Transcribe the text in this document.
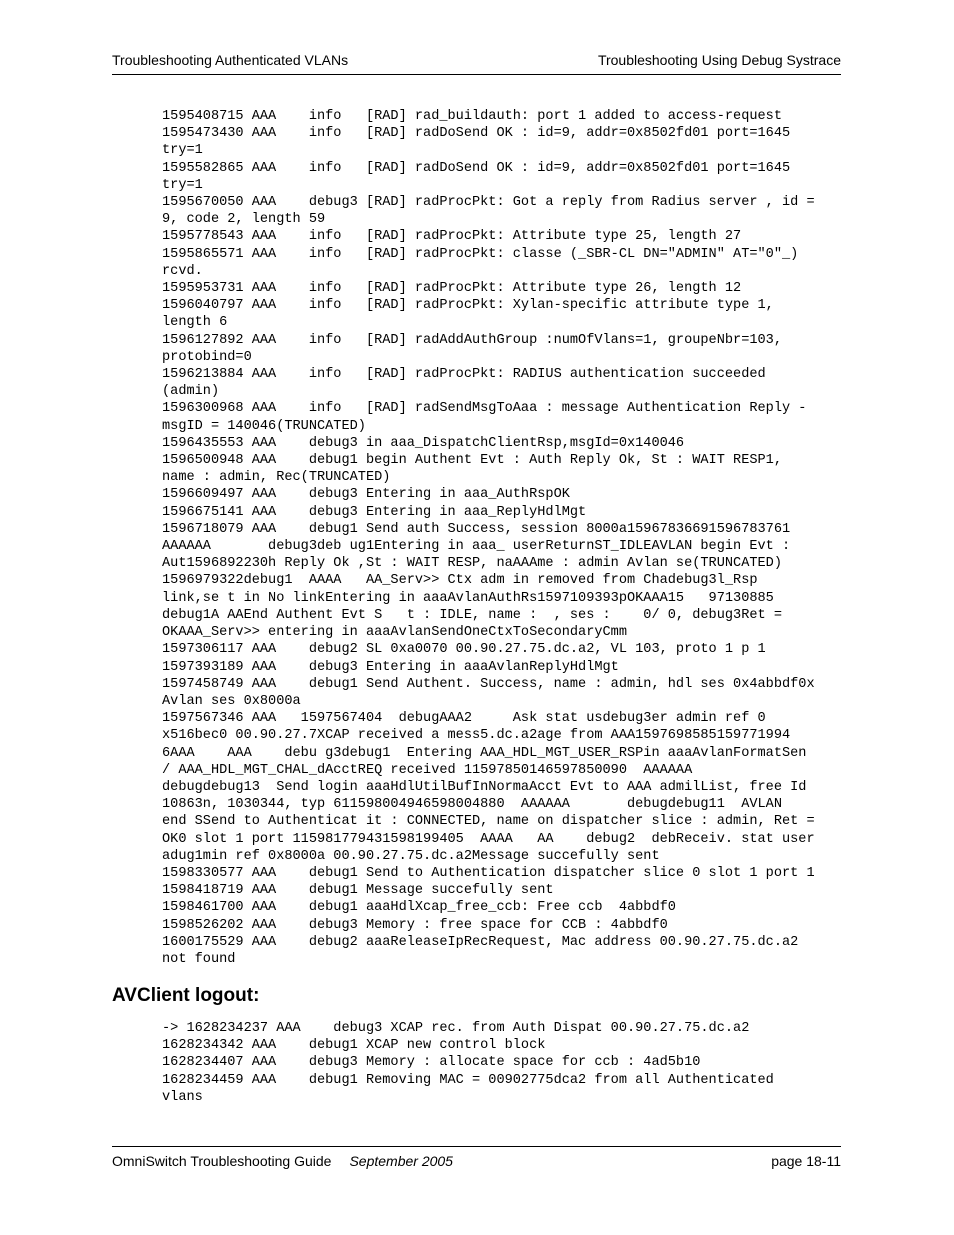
Troubleshooting Authenticated VLANs	Troubleshooting Using Debug Systrace
1595408715 AAA    info   [RAD] rad_buildauth: port 1 added to access-request
1595473430 AAA    info   [RAD] radDoSend OK : id=9, addr=0x8502fd01 port=1645
try=1
1595582865 AAA    info   [RAD] radDoSend OK : id=9, addr=0x8502fd01 port=1645
try=1
1595670050 AAA    debug3 [RAD] radProcPkt: Got a reply from Radius server , id =
9, code 2, length 59
1595778543 AAA    info   [RAD] radProcPkt: Attribute type 25, length 27
1595865571 AAA    info   [RAD] radProcPkt: classe (_SBR-CL DN="ADMIN" AT="0"_)
rcvd.
1595953731 AAA    info   [RAD] radProcPkt: Attribute type 26, length 12
1596040797 AAA    info   [RAD] radProcPkt: Xylan-specific attribute type 1,
length 6
1596127892 AAA    info   [RAD] radAddAuthGroup :numOfVlans=1, groupeNbr=103,
protobind=0
1596213884 AAA    info   [RAD] radProcPkt: RADIUS authentication succeeded
(admin)
1596300968 AAA    info   [RAD] radSendMsgToAaa : message Authentication Reply -
msgID = 140046(TRUNCATED)
1596435553 AAA    debug3 in aaa_DispatchClientRsp,msgId=0x140046
1596500948 AAA    debug1 begin Authent Evt : Auth Reply Ok, St : WAIT RESP1,
name : admin, Rec(TRUNCATED)
1596609497 AAA    debug3 Entering in aaa_AuthRspOK
1596675141 AAA    debug3 Entering in aaa_ReplyHdlMgt
1596718079 AAA    debug1 Send auth Success, session 8000a15967836691596783761
AAAAAA       debug3deb ug1Entering in aaa_ userReturnST_IDLEAVLAN begin Evt :
Aut1596892230h Reply Ok ,St : WAIT RESP, naAAAme : admin Avlan se(TRUNCATED)
1596979322debug1  AAAA   AA_Serv>> Ctx adm in removed from Chadebug3l_Rsp
link,se t in No linkEntering in aaaAvlanAuthRs1597109393pOKAAA15   97130885
debug1A AAEnd Authent Evt S   t : IDLE, name :  , ses :    0/ 0, debug3Ret =
OKAAA_Serv>> entering in aaaAvlanSendOneCtxToSecondaryCmm
1597306117 AAA    debug2 SL 0xa0070 00.90.27.75.dc.a2, VL 103, proto 1 p 1
1597393189 AAA    debug3 Entering in aaaAvlanReplyHdlMgt
1597458749 AAA    debug1 Send Authent. Success, name : admin, hdl ses 0x4abbdf0x
Avlan ses 0x8000a
1597567346 AAA   1597567404  debugAAA2     Ask stat usdebug3er admin ref 0
x516bec0 00.90.27.7XCAP received a mess5.dc.a2age from AAA1597698585159771994
6AAA    AAA    debu g3debug1  Entering AAA_HDL_MGT_USER_RSPin aaaAvlanFormatSen
/ AAA_HDL_MGT_CHAL_dAcctREQ received 11597850146597850090  AAAAAA
debugdebug13  Send login aaaHdlUtilBufInNormaAcct Evt to AAA admilList, free Id
10863n, 1030344, typ 611598004946598004880  AAAAAA       debugdebug11  AVLAN
end SSend to Authenticat it : CONNECTED, name on dispatcher slice : admin, Ret =
OK0 slot 1 port 115981779431598199405  AAAA   AA    debug2  debReceiv. stat user
adug1min ref 0x8000a 00.90.27.75.dc.a2Message succefully sent
1598330577 AAA    debug1 Send to Authentication dispatcher slice 0 slot 1 port 1
1598418719 AAA    debug1 Message succefully sent
1598461700 AAA    debug1 aaaHdlXcap_free_ccb: Free ccb  4abbdf0
1598526202 AAA    debug3 Memory : free space for CCB : 4abbdf0
1600175529 AAA    debug2 aaaReleaseIpRecRequest, Mac address 00.90.27.75.dc.a2
not found
AVClient logout:
-> 1628234237 AAA    debug3 XCAP rec. from Auth Dispat 00.90.27.75.dc.a2
1628234342 AAA    debug1 XCAP new control block
1628234407 AAA    debug3 Memory : allocate space for ccb : 4ad5b10
1628234459 AAA    debug1 Removing MAC = 00902775dca2 from all Authenticated
vlans
OmniSwitch Troubleshooting Guide September 2005	page 18-11
